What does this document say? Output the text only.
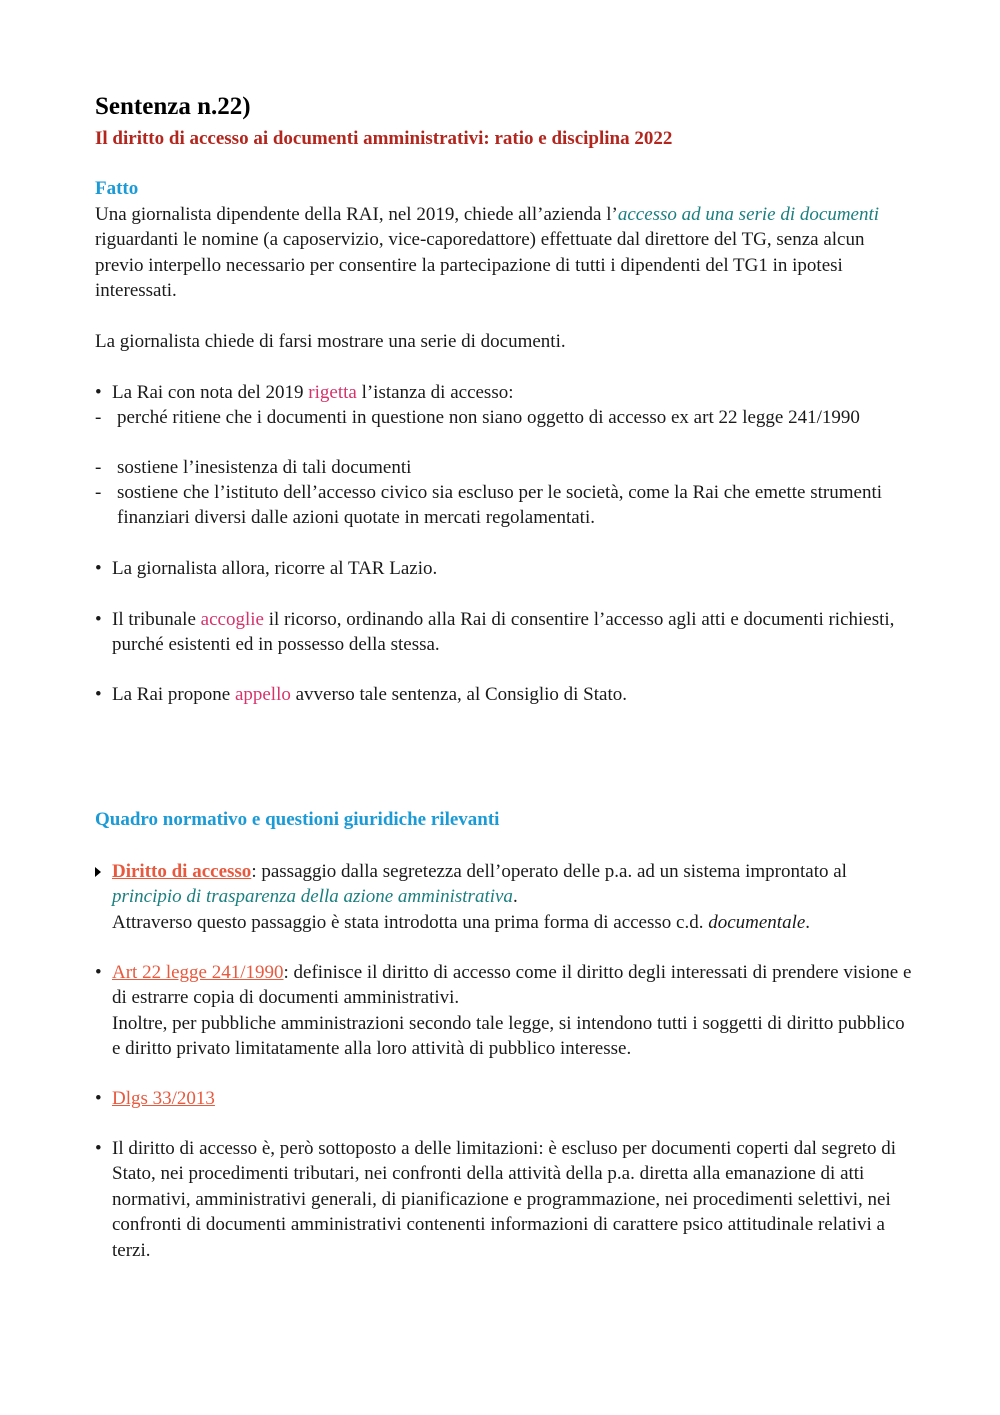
Sentenza n.22)
Il diritto di accesso ai documenti amministrativi: ratio e disciplina 2022
Fatto

Una giornalista dipendente della RAI, nel 2019, chiede all’azienda l’accesso ad una serie di documenti riguardanti le nomine (a caposervizio, vice-caporedattore) effettuate dal direttore del TG, senza alcun previo interpello necessario per consentire la partecipazione di tutti i dipendenti del TG1 in ipotesi interessati.

La giornalista chiede di farsi mostrare una serie di documenti.

• La Rai con nota del 2019 rigetta l’istanza di accesso:
- perché ritiene che i documenti in questione non siano oggetto di accesso ex art 22 legge 241/1990
- sostiene l’inesistenza di tali documenti
- sostiene che l’istituto dell’accesso civico sia escluso per le società, come la Rai che emette strumenti finanziari diversi dalle azioni quotate in mercati regolamentati.
• La giornalista allora, ricorre al TAR Lazio.
• Il tribunale accoglie il ricorso, ordinando alla Rai di consentire l’accesso agli atti e documenti richiesti, purché esistenti ed in possesso della stessa.
• La Rai propone appello avverso tale sentenza, al Consiglio di Stato.
Quadro normativo e questioni giuridiche rilevanti
Diritto di accesso: passaggio dalla segretezza dell’operato delle p.a. ad un sistema improntato al principio di trasparenza della azione amministrativa.
Attraverso questo passaggio è stata introdotta una prima forma di accesso c.d. documentale.
• Art 22 legge 241/1990: definisce il diritto di accesso come il diritto degli interessati di prendere visione e di estrarre copia di documenti amministrativi.
Inoltre, per pubbliche amministrazioni secondo tale legge, si intendono tutti i soggetti di diritto pubblico e diritto privato limitatamente alla loro attività di pubblico interesse.
• Dlgs 33/2013
• Il diritto di accesso è, però sottoposto a delle limitazioni: è escluso per documenti coperti dal segreto di Stato, nei procedimenti tributari, nei confronti della attività della p.a. diretta alla emanazione di atti normativi, amministrativi generali, di pianificazione e programmazione, nei procedimenti selettivi, nei confronti di documenti amministrativi contenenti informazioni di carattere psico attitudinale relativi a terzi.
